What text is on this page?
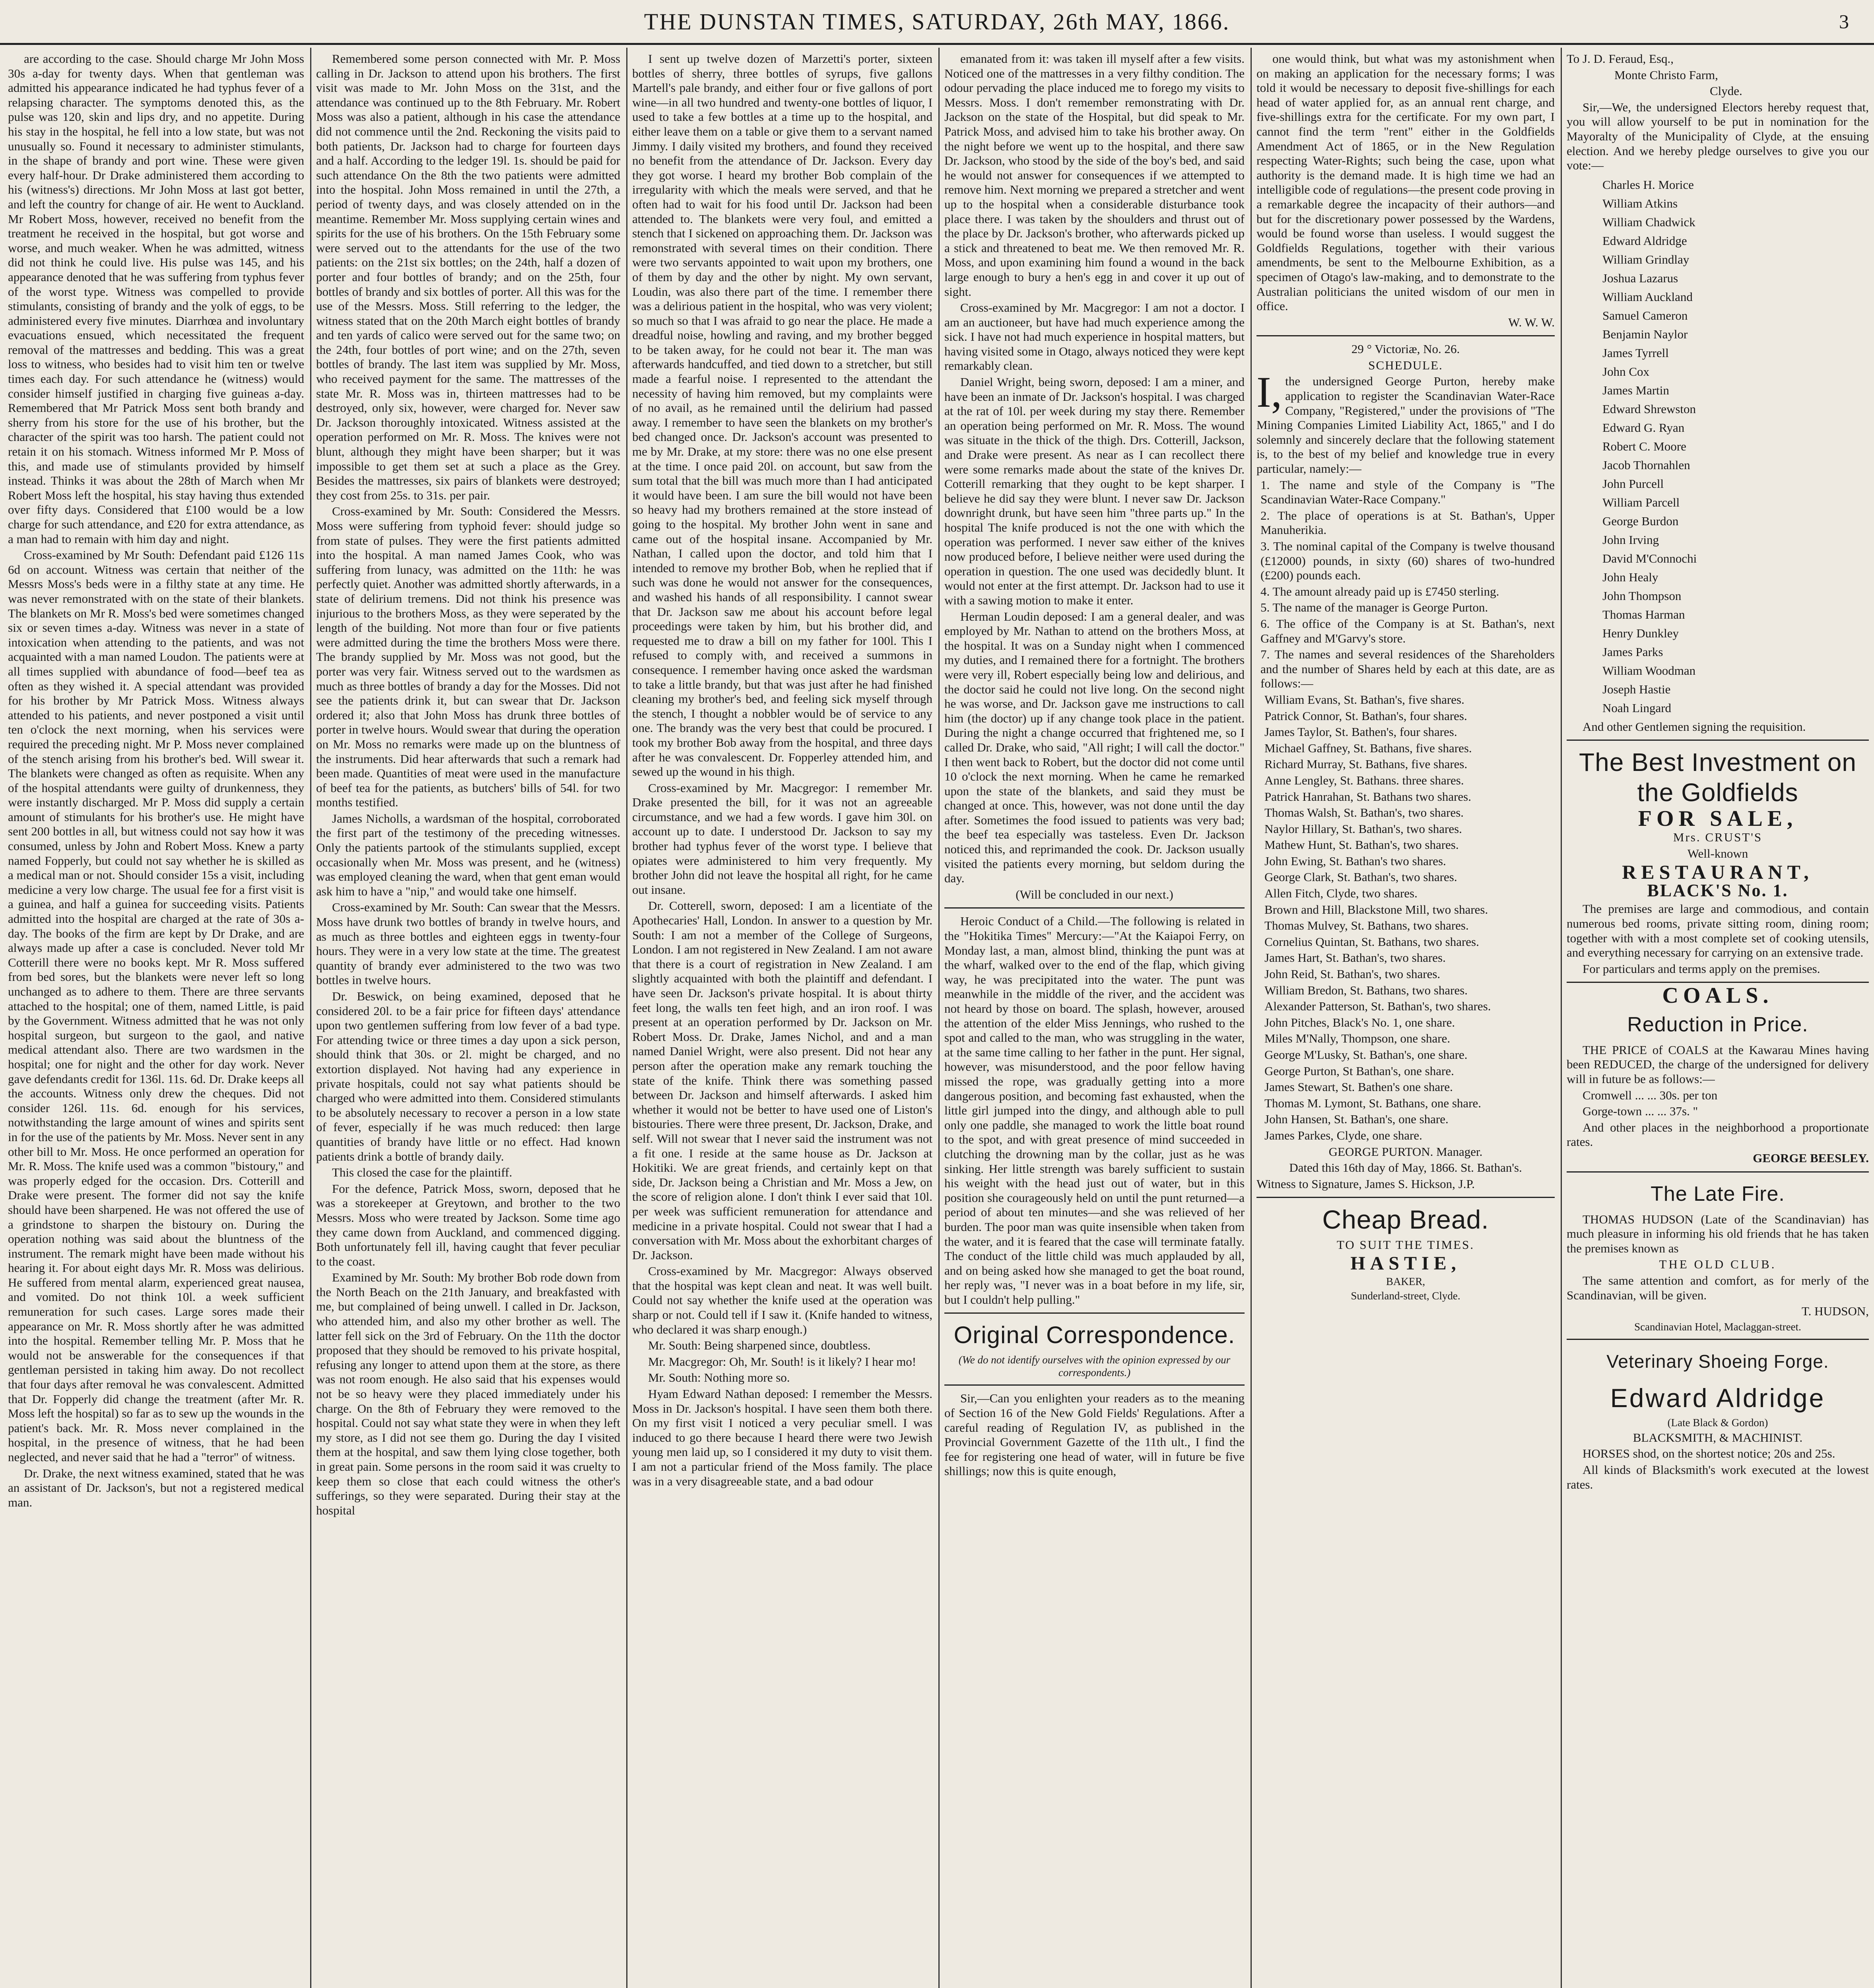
THE DUNSTAN TIMES, SATURDAY, 26th MAY, 1866.	3

are according to the case. Should charge Mr John Moss 30s a-day for twenty days. When that gentleman was admitted his appearance indicated he had typhus fever of a relapsing character. The symptoms denoted this, as the pulse was 120, skin and lips dry, and no appetite. During his stay in the hospital, he fell into a low state, but was not unusually so. Found it necessary to administer stimulants, in the shape of brandy and port wine. These were given every half-hour. Dr Drake administered them according to his (witness's) directions. Mr John Moss at last got better, and left the country for change of air. He went to Auckland. Mr Robert Moss, however, received no benefit from the treatment he received in the hospital, but got worse and worse, and much weaker. When he was admitted, witness did not think he could live. His pulse was 145, and his appearance denoted that he was suffering from typhus fever of the worst type. Witness was compelled to provide stimulants, consisting of brandy and the yolk of eggs, to be administered every five minutes. Diarrhœa and involuntary evacuations ensued, which necessitated the frequent removal of the mattresses and bedding. This was a great loss to witness, who besides had to visit him ten or twelve times each day. For such attendance he (witness) would consider himself justified in charging five guineas a-day. Remembered that Mr Patrick Moss sent both brandy and sherry from his store for the use of his brother, but the character of the spirit was too harsh. The patient could not retain it on his stomach. Witness informed Mr P. Moss of this, and made use of stimulants provided by himself instead. Thinks it was about the 28th of March when Mr Robert Moss left the hospital, his stay having thus extended over fifty days. Considered that £100 would be a low charge for such attendance, and £20 for extra attendance, as a man had to remain with him day and night.

Cross-examined by Mr South: Defendant paid £126 11s 6d on account. Witness was certain that neither of the Messrs Moss's beds were in a filthy state at any time. He was never remonstrated with on the state of their blankets. The blankets on Mr R. Moss's bed were sometimes changed six or seven times a-day. Witness was never in a state of intoxication when attending to the patients, and was not acquainted with a man named Loudon. The patients were at all times supplied with abundance of food—beef tea as often as they wished it. A special attendant was provided for his brother by Mr Patrick Moss. Witness always attended to his patients, and never postponed a visit until ten o'clock the next morning, when his services were required the preceding night. Mr P. Moss never complained of the stench arising from his brother's bed. Will swear it. The blankets were changed as often as requisite. When any of the hospital attendants were guilty of drunkenness, they were instantly discharged. Mr P. Moss did supply a certain amount of stimulants for his brother's use. He might have sent 200 bottles in all, but witness could not say how it was consumed, unless by John and Robert Moss. Knew a party named Fopperly, but could not say whether he is skilled as a medical man or not. Should consider 15s a visit, including medicine a very low charge. The usual fee for a first visit is a guinea, and half a guinea for succeeding visits. Patients admitted into the hospital are charged at the rate of 30s a-day. The books of the firm are kept by Dr Drake, and are always made up after a case is concluded. Never told Mr Cotterill there were no books kept. Mr R. Moss suffered from bed sores, but the blankets were never left so long unchanged as to adhere to them. There are three servants attached to the hospital; one of them, named Little, is paid by the Government. Witness admitted that he was not only hospital surgeon, but surgeon to the gaol, and native medical attendant also. There are two wardsmen in the hospital; one for night and the other for day work. Never gave defendants credit for 136l. 11s. 6d. Dr. Drake keeps all the accounts. Witness only drew the cheques. Did not consider 126l. 11s. 6d. enough for his services, notwithstanding the large amount of wines and spirits sent in for the use of the patients by Mr. Moss. Never sent in any other bill to Mr. Moss. He once performed an operation for Mr. R. Moss. The knife used was a common "bistoury," and was properly edged for the occasion. Drs. Cotterill and Drake were present. The former did not say the knife should have been sharpened. He was not offered the use of a grindstone to sharpen the bistoury on. During the operation nothing was said about the bluntness of the instrument. The remark might have been made without his hearing it. For about eight days Mr. R. Moss was delirious. He suffered from mental alarm, experienced great nausea, and vomited. Do not think 10l. a week sufficient remuneration for such cases. Large sores made their appearance on Mr. R. Moss shortly after he was admitted into the hospital. Remember telling Mr. P. Moss that he would not be answerable for the consequences if that gentleman persisted in taking him away. Do not recollect that four days after removal he was convalescent. Admitted that Dr. Fopperly did change the treatment (after Mr. R. Moss left the hospital) so far as to sew up the wounds in the patient's back. Mr. R. Moss never complained in the hospital, in the presence of witness, that he had been neglected, and never said that he had a "terror" of witness.

Dr. Drake, the next witness examined, stated that he was an assistant of Dr. Jackson's, but not a registered medical man.

Remembered some person connected with Mr. P. Moss calling in Dr. Jackson to attend upon his brothers. The first visit was made to Mr. John Moss on the 31st, and the attendance was continued up to the 8th February. Mr. Robert Moss was also a patient, although in his case the attendance did not commence until the 2nd. Reckoning the visits paid to both patients, Dr. Jackson had to charge for fourteen days and a half. According to the ledger 19l. 1s. should be paid for such attendance On the 8th the two patients were admitted into the hospital. John Moss remained in until the 27th, a period of twenty days, and was closely attended on in the meantime. Remember Mr. Moss supplying certain wines and spirits for the use of his brothers. On the 15th February some were served out to the attendants for the use of the two patients: on the 21st six bottles; on the 24th, half a dozen of porter and four bottles of brandy; and on the 25th, four bottles of brandy and six bottles of porter. All this was for the use of the Messrs. Moss. Still referring to the ledger, the witness stated that on the 20th March eight bottles of brandy and ten yards of calico were served out for the same two; on the 24th, four bottles of port wine; and on the 27th, seven bottles of brandy. The last item was supplied by Mr. Moss, who received payment for the same. The mattresses of the state Mr. R. Moss was in, thirteen mattresses had to be destroyed, only six, however, were charged for. Never saw Dr. Jackson thoroughly intoxicated. Witness assisted at the operation performed on Mr. R. Moss. The knives were not blunt, although they might have been sharper; but it was impossible to get them set at such a place as the Grey. Besides the mattresses, six pairs of blankets were destroyed; they cost from 25s. to 31s. per pair.

Cross-examined by Mr. South: Considered the Messrs. Moss were suffering from typhoid fever: should judge so from state of pulses. They were the first patients admitted into the hospital. A man named James Cook, who was suffering from lunacy, was admitted on the 11th: he was perfectly quiet. Another was admitted shortly afterwards, in a state of delirium tremens. Did not think his presence was injurious to the brothers Moss, as they were seperated by the length of the building. Not more than four or five patients were admitted during the time the brothers Moss were there. The brandy supplied by Mr. Moss was not good, but the porter was very fair. Witness served out to the wardsmen as much as three bottles of brandy a day for the Mosses. Did not see the patients drink it, but can swear that Dr. Jackson ordered it; also that John Moss has drunk three bottles of porter in twelve hours. Would swear that during the operation on Mr. Moss no remarks were made up on the bluntness of the instruments. Did hear afterwards that such a remark had been made. Quantities of meat were used in the manufacture of beef tea for the patients, as butchers' bills of 54l. for two months testified.

James Nicholls, a wardsman of the hospital, corroborated the first part of the testimony of the preceding witnesses. Only the patients partook of the stimulants supplied, except occasionally when Mr. Moss was present, and he (witness) was employed cleaning the ward, when that gent eman would ask him to have a "nip," and would take one himself.

Cross-examined by Mr. South: Can swear that the Messrs. Moss have drunk two bottles of brandy in twelve hours, and as much as three bottles and eighteen eggs in twenty-four hours. They were in a very low state at the time. The greatest quantity of brandy ever administered to the two was two bottles in twelve hours.

Dr. Beswick, on being examined, deposed that he considered 20l. to be a fair price for fifteen days' attendance upon two gentlemen suffering from low fever of a bad type. For attending twice or three times a day upon a sick person, should think that 30s. or 2l. might be charged, and no extortion displayed. Not having had any experience in private hospitals, could not say what patients should be charged who were admitted into them. Considered stimulants to be absolutely necessary to recover a person in a low state of fever, especially if he was much reduced: then large quantities of brandy have little or no effect. Had known patients drink a bottle of brandy daily.

This closed the case for the plaintiff.

For the defence, Patrick Moss, sworn, deposed that he was a storekeeper at Greytown, and brother to the two Messrs. Moss who were treated by Jackson. Some time ago they came down from Auckland, and commenced digging. Both unfortunately fell ill, having caught that fever peculiar to the coast.

Examined by Mr. South: My brother Bob rode down from the North Beach on the 21th January, and breakfasted with me, but complained of being unwell. I called in Dr. Jackson, who attended him, and also my other brother as well. The latter fell sick on the 3rd of February. On the 11th the doctor proposed that they should be removed to his private hospital, refusing any longer to attend upon them at the store, as there was not room enough. He also said that his expenses would not be so heavy were they placed immediately under his charge. On the 8th of February they were removed to the hospital. Could not say what state they were in when they left my store, as I did not see them go. During the day I visited them at the hospital, and saw them lying close together, both in great pain. Some persons in the room said it was cruelty to keep them so close that each could witness the other's sufferings, so they were separated. During their stay at the hospital

I sent up twelve dozen of Marzetti's porter, sixteen bottles of sherry, three bottles of syrups, five gallons Martell's pale brandy, and either four or five gallons of port wine—in all two hundred and twenty-one bottles of liquor, I used to take a few bottles at a time up to the hospital, and either leave them on a table or give them to a servant named Jimmy. I daily visited my brothers, and found they received no benefit from the attendance of Dr. Jackson. Every day they got worse. I heard my brother Bob complain of the irregularity with which the meals were served, and that he often had to wait for his food until Dr. Jackson had been attended to. The blankets were very foul, and emitted a stench that I sickened on approaching them. Dr. Jackson was remonstrated with several times on their condition. There were two servants appointed to wait upon my brothers, one of them by day and the other by night. My own servant, Loudin, was also there part of the time. I remember there was a delirious patient in the hospital, who was very violent; so much so that I was afraid to go near the place. He made a dreadful noise, howling and raving, and my brother begged to be taken away, for he could not bear it. The man was afterwards handcuffed, and tied down to a stretcher, but still made a fearful noise. I represented to the attendant the necessity of having him removed, but my complaints were of no avail, as he remained until the delirium had passed away. I remember to have seen the blankets on my brother's bed changed once. Dr. Jackson's account was presented to me by Mr. Drake, at my store: there was no one else present at the time. I once paid 20l. on account, but saw from the sum total that the bill was much more than I had anticipated it would have been. I am sure the bill would not have been so heavy had my brothers remained at the store instead of going to the hospital. My brother John went in sane and came out of the hospital insane. Accompanied by Mr. Nathan, I called upon the doctor, and told him that I intended to remove my brother Bob, when he replied that if such was done he would not answer for the consequences, and washed his hands of all responsibility. I cannot swear that Dr. Jackson saw me about his account before legal proceedings were taken by him, but his brother did, and requested me to draw a bill on my father for 100l. This I refused to comply with, and received a summons in consequence. I remember having once asked the wardsman to take a little brandy, but that was just after he had finished cleaning my brother's bed, and feeling sick myself through the stench, I thought a nobbler would be of service to any one. The brandy was the very best that could be procured. I took my brother Bob away from the hospital, and three days after he was convalescent. Dr. Fopperley attended him, and sewed up the wound in his thigh.

Cross-examined by Mr. Macgregor: I remember Mr. Drake presented the bill, for it was not an agreeable circumstance, and we had a few words. I gave him 30l. on account up to date. I understood Dr. Jackson to say my brother had typhus fever of the worst type. I believe that opiates were administered to him very frequently. My brother John did not leave the hospital all right, for he came out insane.

Dr. Cotterell, sworn, deposed: I am a licentiate of the Apothecaries' Hall, London. In answer to a question by Mr. South: I am not a member of the College of Surgeons, London. I am not registered in New Zealand. I am not aware that there is a court of registration in New Zealand. I am slightly acquainted with both the plaintiff and defendant. I have seen Dr. Jackson's private hospital. It is about thirty feet long, the walls ten feet high, and an iron roof. I was present at an operation performed by Dr. Jackson on Mr. Robert Moss. Dr. Drake, James Nichol, and and a man named Daniel Wright, were also present. Did not hear any person after the operation make any remark touching the state of the knife. Think there was something passed between Dr. Jackson and himself afterwards. I asked him whether it would not be better to have used one of Liston's bistouries. There were three present, Dr. Jackson, Drake, and self. Will not swear that I never said the instrument was not a fit one. I reside at the same house as Dr. Jackson at Hokitiki. We are great friends, and certainly kept on that side, Dr. Jackson being a Christian and Mr. Moss a Jew, on the score of religion alone. I don't think I ever said that 10l. per week was sufficient remuneration for attendance and medicine in a private hospital. Could not swear that I had a conversation with Mr. Moss about the exhorbitant charges of Dr. Jackson.

Cross-examined by Mr. Macgregor: Always observed that the hospital was kept clean and neat. It was well built. Could not say whether the knife used at the operation was sharp or not. Could tell if I saw it. (Knife handed to witness, who declared it was sharp enough.)

Mr. South: Being sharpened since, doubtless.

Mr. Macgregor: Oh, Mr. South! is it likely? I hear mo!

Mr. South: Nothing more so.

Hyam Edward Nathan deposed: I remember the Messrs. Moss in Dr. Jackson's hospital. I have seen them both there. On my first visit I noticed a very peculiar smell. I was induced to go there because I heard there were two Jewish young men laid up, so I considered it my duty to visit them. I am not a particular friend of the Moss family. The place was in a very disagreeable state, and a bad odour

emanated from it: was taken ill myself after a few visits. Noticed one of the mattresses in a very filthy condition. The odour pervading the place induced me to forego my visits to Messrs. Moss. I don't remember remonstrating with Dr. Jackson on the state of the Hospital, but did speak to Mr. Patrick Moss, and advised him to take his brother away. On the night before we went up to the hospital, and there saw Dr. Jackson, who stood by the side of the boy's bed, and said he would not answer for consequences if we attempted to remove him. Next morning we prepared a stretcher and went up to the hospital when a considerable disturbance took place there. I was taken by the shoulders and thrust out of the place by Dr. Jackson's brother, who afterwards picked up a stick and threatened to beat me. We then removed Mr. R. Moss, and upon examining him found a wound in the back large enough to bury a hen's egg in and cover it up out of sight.

Cross-examined by Mr. Macgregor: I am not a doctor. I am an auctioneer, but have had much experience among the sick. I have not had much experience in hospital matters, but having visited some in Otago, always noticed they were kept remarkably clean.

Daniel Wright, being sworn, deposed: I am a miner, and have been an inmate of Dr. Jackson's hospital. I was charged at the rat of 10l. per week during my stay there. Remember an operation being performed on Mr. R. Moss. The wound was situate in the thick of the thigh. Drs. Cotterill, Jackson, and Drake were present. As near as I can recollect there were some remarks made about the state of the knives Dr. Cotterill remarking that they ought to be kept sharper. I believe he did say they were blunt. I never saw Dr. Jackson downright drunk, but have seen him "three parts up." In the hospital The knife produced is not the one with which the operation was performed. I never saw either of the knives now produced before, I believe neither were used during the operation in question. The one used was decidedly blunt. It would not enter at the first attempt. Dr. Jackson had to use it with a sawing motion to make it enter.

Herman Loudin deposed: I am a general dealer, and was employed by Mr. Nathan to attend on the brothers Moss, at the hospital. It was on a Sunday night when I commenced my duties, and I remained there for a fortnight. The brothers were very ill, Robert especially being low and delirious, and the doctor said he could not live long. On the second night he was worse, and Dr. Jackson gave me instructions to call him (the doctor) up if any change took place in the patient. During the night a change occurred that frightened me, so I called Dr. Drake, who said, "All right; I will call the doctor." I then went back to Robert, but the doctor did not come until 10 o'clock the next morning. When he came he remarked upon the state of the blankets, and said they must be changed at once. This, however, was not done until the day after. Sometimes the food issued to patients was very bad; the beef tea especially was tasteless. Even Dr. Jackson noticed this, and reprimanded the cook. Dr. Jackson usually visited the patients every morning, but seldom during the day.

(Will be concluded in our next.)

Heroic Conduct of a Child.—The following is related in the "Hokitika Times" Mercury:—"At the Kaiapoi Ferry, on Monday last, a man, almost blind, thinking the punt was at the wharf, walked over to the end of the flap, which giving way, he was precipitated into the water. The punt was meanwhile in the middle of the river, and the accident was not heard by those on board. The splash, however, aroused the attention of the elder Miss Jennings, who rushed to the spot and called to the man, who was struggling in the water, at the same time calling to her father in the punt. Her signal, however, was misunderstood, and the poor fellow having missed the rope, was gradually getting into a more dangerous position, and becoming fast exhausted, when the little girl jumped into the dingy, and although able to pull only one paddle, she managed to work the little boat round to the spot, and with great presence of mind succeeded in clutching the drowning man by the collar, just as he was sinking. Her little strength was barely sufficient to sustain his weight with the head just out of water, but in this position she courageously held on until the punt returned—a period of about ten minutes—and she was relieved of her burden. The poor man was quite insensible when taken from the water, and it is feared that the case will terminate fatally. The conduct of the little child was much applauded by all, and on being asked how she managed to get the boat round, her reply was, "I never was in a boat before in my life, sir, but I couldn't help pulling."

Original Correspondence.

(We do not identify ourselves with the opinion expressed by our correspondents.)

Sir,—Can you enlighten your readers as to the meaning of Section 16 of the New Gold Fields' Regulations. After a careful reading of Regulation IV, as published in the Provincial Government Gazette of the 11th ult., I find the fee for registering one head of water, will in future be five shillings; now this is quite enough,

one would think, but what was my astonishment when on making an application for the necessary forms; I was told it would be necessary to deposit five-shillings for each head of water applied for, as an annual rent charge, and five-shillings extra for the certificate. For my own part, I cannot find the term "rent" either in the Goldfields Amendment Act of 1865, or in the New Regulation respecting Water-Rights; such being the case, upon what authority is the demand made. It is high time we had an intelligible code of regulations—the present code proving in a remarkable degree the incapacity of their authors—and but for the discretionary power possessed by the Wardens, would be found worse than useless. I would suggest the Goldfields Regulations, together with their various amendments, be sent to the Melbourne Exhibition, as a specimen of Otago's law-making, and to demonstrate to the Australian politicians the united wisdom of our men in office.

W. W. W.

29 ° Victoriæ, No. 26.

SCHEDULE.

I, the undersigned George Purton, hereby make application to register the Scandinavian Water-Race Company, "Registered," under the provisions of "The Mining Companies Limited Liability Act, 1865," and I do solemnly and sincerely declare that the following statement is, to the best of my belief and knowledge true in every particular, namely:—

1. The name and style of the Company is "The Scandinavian Water-Race Company."

2. The place of operations is at St. Bathan's, Upper Manuherikia.

3. The nominal capital of the Company is twelve thousand (£12000) pounds, in sixty (60) shares of two-hundred (£200) pounds each.

4. The amount already paid up is £7450 sterling.

5. The name of the manager is George Purton.

6. The office of the Company is at St. Bathan's, next Gaffney and M'Garvy's store.

7. The names and several residences of the Shareholders and the number of Shares held by each at this date, are as follows:—

William Evans, St. Bathan's, five shares.

Patrick Connor, St. Bathan's, four shares.

James Taylor, St. Bathen's, four shares.

Michael Gaffney, St. Bathans, five shares.

Richard Murray, St. Bathans, five shares.

Anne Lengley, St. Bathans. three shares.

Patrick Hanrahan, St. Bathans two shares.

Thomas Walsh, St. Bathan's, two shares.

Naylor Hillary, St. Bathan's, two shares.

Mathew Hunt, St. Bathan's, two shares.

John Ewing, St. Bathan's two shares.

George Clark, St. Bathan's, two shares.

Allen Fitch, Clyde, two shares.

Brown and Hill, Blackstone Mill, two shares.

Thomas Mulvey, St. Bathans, two shares.

Cornelius Quintan, St. Bathans, two shares.

James Hart, St. Bathan's, two shares.

John Reid, St. Bathan's, two shares.

William Bredon, St. Bathans, two shares.

Alexander Patterson, St. Bathan's, two shares.

John Pitches, Black's No. 1, one share.

Miles M'Nally, Thompson, one share.

George M'Lusky, St. Bathan's, one share.

George Purton, St Bathan's, one share.

James Stewart, St. Bathen's one share.

Thomas M. Lymont, St. Bathans, one share.

John Hansen, St. Bathan's, one share.

James Parkes, Clyde, one share.

GEORGE PURTON. Manager.

Dated this 16th day of May, 1866. St. Bathan's.

Witness to Signature, James S. Hickson, J.P.

Cheap Bread.

TO SUIT THE TIMES.

HASTIE,

BAKER,

Sunderland-street, Clyde.

To J. D. Feraud, Esq.,

Monte Christo Farm,

Clyde.

Sir,—We, the undersigned Electors hereby request that, you will allow yourself to be put in nomination for the Mayoralty of the Municipality of Clyde, at the ensuing election. And we hereby pledge ourselves to give you our vote:—

Charles H. Morice
William Atkins
William Chadwick
Edward Aldridge
William Grindlay
Joshua Lazarus
William Auckland
Samuel Cameron
Benjamin Naylor
James Tyrrell
John Cox
James Martin
Edward Shrewston
Edward G. Ryan
Robert C. Moore
Jacob Thornahlen
John Purcell
William Parcell
George Burdon
John Irving
David M'Connochi
John Healy
John Thompson
Thomas Harman
Henry Dunkley
James Parks
William Woodman
Joseph Hastie
Noah Lingard

And other Gentlemen signing the requisition.

The Best Investment on the Goldfields
FOR SALE,

Mrs. CRUST'S

Well-known

RESTAURANT,
BLACK'S No. 1.

The premises are large and commodious, and contain numerous bed rooms, private sitting room, dining room; together with with a most complete set of cooking utensils, and everything necessary for carrying on an extensive trade.

For particulars and terms apply on the premises.

COALS.
Reduction in Price.

THE PRICE of COALS at the Kawarau Mines having been REDUCED, the charge of the undersigned for delivery will in future be as follows:—

Cromwell ... ... 30s. per ton

Gorge-town ... ... 37s. "

And other places in the neighborhood a proportionate rates.

GEORGE BEESLEY.

The Late Fire.

THOMAS HUDSON (Late of the Scandinavian) has much pleasure in informing his old friends that he has taken the premises known as

THE OLD CLUB.

The same attention and comfort, as for merly of the Scandinavian, will be given.

T. HUDSON,

Scandinavian Hotel, Maclaggan-street.

Veterinary Shoeing Forge.
Edward Aldridge

(Late Black & Gordon)

BLACKSMITH, & MACHINIST.

HORSES shod, on the shortest notice; 20s and 25s.

All kinds of Blacksmith's work executed at the lowest rates.
